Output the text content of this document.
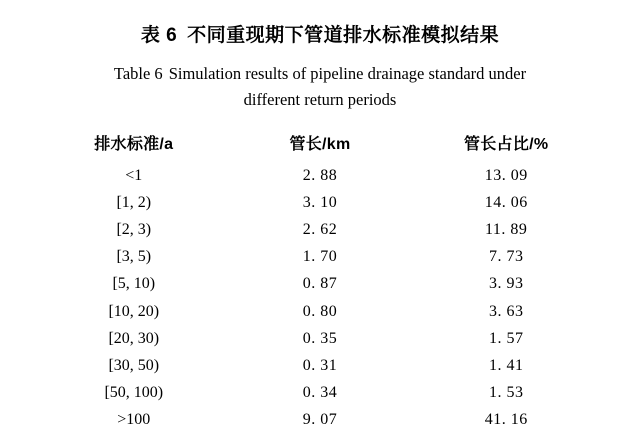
表 6 不同重现期下管道排水标准模拟结果
Table 6 Simulation results of pipeline drainage standard under
different return periods
排水标准/a	管长/km	管长占比/%
<1	2. 88	13. 09
[1, 2)	3. 10	14. 06
[2, 3)	2. 62	11. 89
[3, 5)	1. 70	7. 73
[5, 10)	0. 87	3. 93
[10, 20)	0. 80	3. 63
[20, 30)	0. 35	1. 57
[30, 50)	0. 31	1. 41
[50, 100)	0. 34	1. 53
>100	9. 07	41. 16
